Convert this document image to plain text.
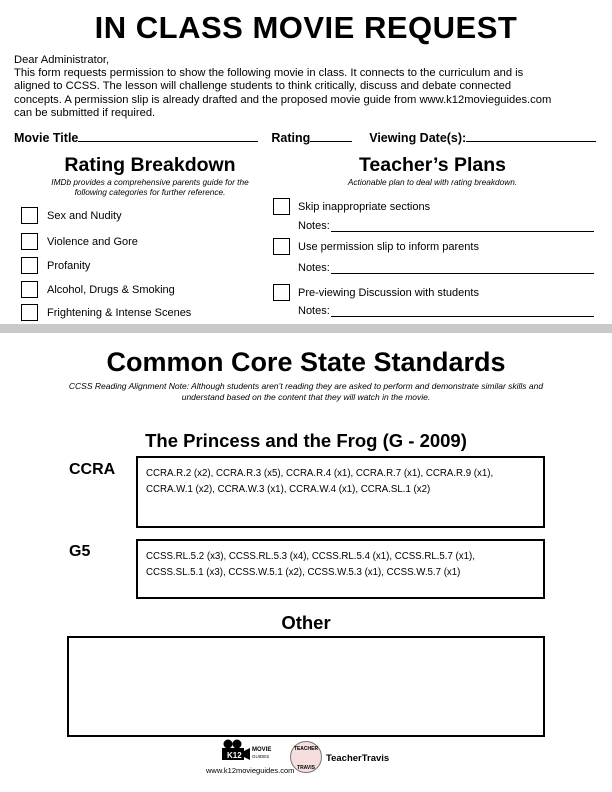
IN CLASS MOVIE REQUEST
Dear Administrator,
This form requests permission to show the following movie in class. It connects to the curriculum and is
aligned to CCSS. The lesson will challenge students to think critically, discuss and debate connected
concepts. A permission slip is already drafted and the proposed movie guide from www.k12movieguides.com
can be submitted if required.
Movie Title	Rating	Viewing Date(s):
Rating Breakdown
IMDb provides a comprehensive parents guide for the
following categories for further reference.
Sex and Nudity
Violence and Gore
Profanity
Alcohol, Drugs & Smoking
Frightening & Intense Scenes
Teacher’s Plans
Actionable plan to deal with rating breakdown.
Skip inappropriate sections
Notes:
Use permission slip to inform parents
Notes:
Pre-viewing Discussion with students
Notes:
Common Core State Standards
CCSS Reading Alignment Note: Although students aren’t reading they are asked to perform and demonstrate similar skills and
understand based on the content that they will watch in the movie.
The Princess and the Frog (G - 2009)
CCRA	CCRA.R.2 (x2), CCRA.R.3 (x5), CCRA.R.4 (x1), CCRA.R.7 (x1), CCRA.R.9 (x1),
CCRA.W.1 (x2), CCRA.W.3 (x1), CCRA.W.4 (x1), CCRA.SL.1 (x2)
G5	CCSS.RL.5.2 (x3), CCSS.RL.5.3 (x4), CCSS.RL.5.4 (x1), CCSS.RL.5.7 (x1),
CCSS.SL.5.1 (x3), CCSS.W.5.1 (x2), CCSS.W.5.3 (x1), CCSS.W.5.7 (x1)
Other
K12
MOVIE
GUIDES
www.k12movieguides.com
TEACHER
TRAVIS
TeacherTravis
